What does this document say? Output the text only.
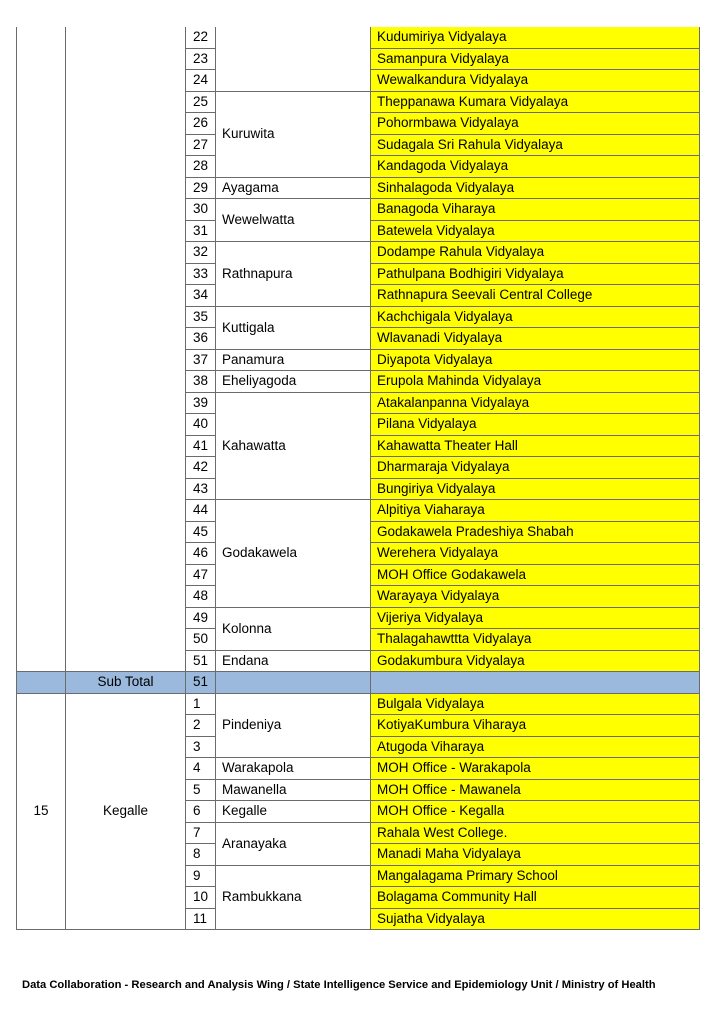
		22		Kudumiriya Vidyalaya
		23		Samanpura Vidyalaya
		24		Wewalkandura Vidyalaya
		25	Kuruwita	Theppanawa Kumara Vidyalaya
		26		Pohormbawa Vidyalaya
		27		Sudagala Sri Rahula Vidyalaya
		28		Kandagoda Vidyalaya
		29	Ayagama	Sinhalagoda Vidyalaya
		30	Wewelwatta	Banagoda Viharaya
		31		Batewela Vidyalaya
		32	Rathnapura	Dodampe Rahula Vidyalaya
		33		Pathulpana Bodhigiri Vidyalaya
		34		Rathnapura Seevali Central College
		35	Kuttigala	Kachchigala Vidyalaya
		36		Wlavanadi Vidyalaya
		37	Panamura	Diyapota Vidyalaya
		38	Eheliyagoda	Erupola Mahinda Vidyalaya
		39	Kahawatta	Atakalanpanna Vidyalaya
		40		Pilana Vidyalaya
		41		Kahawatta Theater Hall
		42		Dharmaraja Vidyalaya
		43		Bungiriya Vidyalaya
		44	Godakawela	Alpitiya Viaharaya
		45		Godakawela Pradeshiya Shabah
		46		Werehera Vidyalaya
		47		MOH Office Godakawela
		48		Warayaya Vidyalaya
		49	Kolonna	Vijeriya Vidyalaya
		50		Thalagahawttta Vidyalaya
		51	Endana	Godakumbura Vidyalaya
	Sub Total	51		
15	Kegalle	1	Pindeniya	Bulgala Vidyalaya
		2		KotiyaKumbura Viharaya
		3		Atugoda Viharaya
		4	Warakapola	MOH Office - Warakapola
		5	Mawanella	MOH Office - Mawanela
		6	Kegalle	MOH Office - Kegalla
		7	Aranayaka	Rahala West College.
		8		Manadi Maha Vidyalaya
		9	Rambukkana	Mangalagama Primary School
		10		Bolagama Community Hall
		11		Sujatha Vidyalaya
Data Collaboration - Research and Analysis Wing / State Intelligence Service and Epidemiology Unit / Ministry of Health
